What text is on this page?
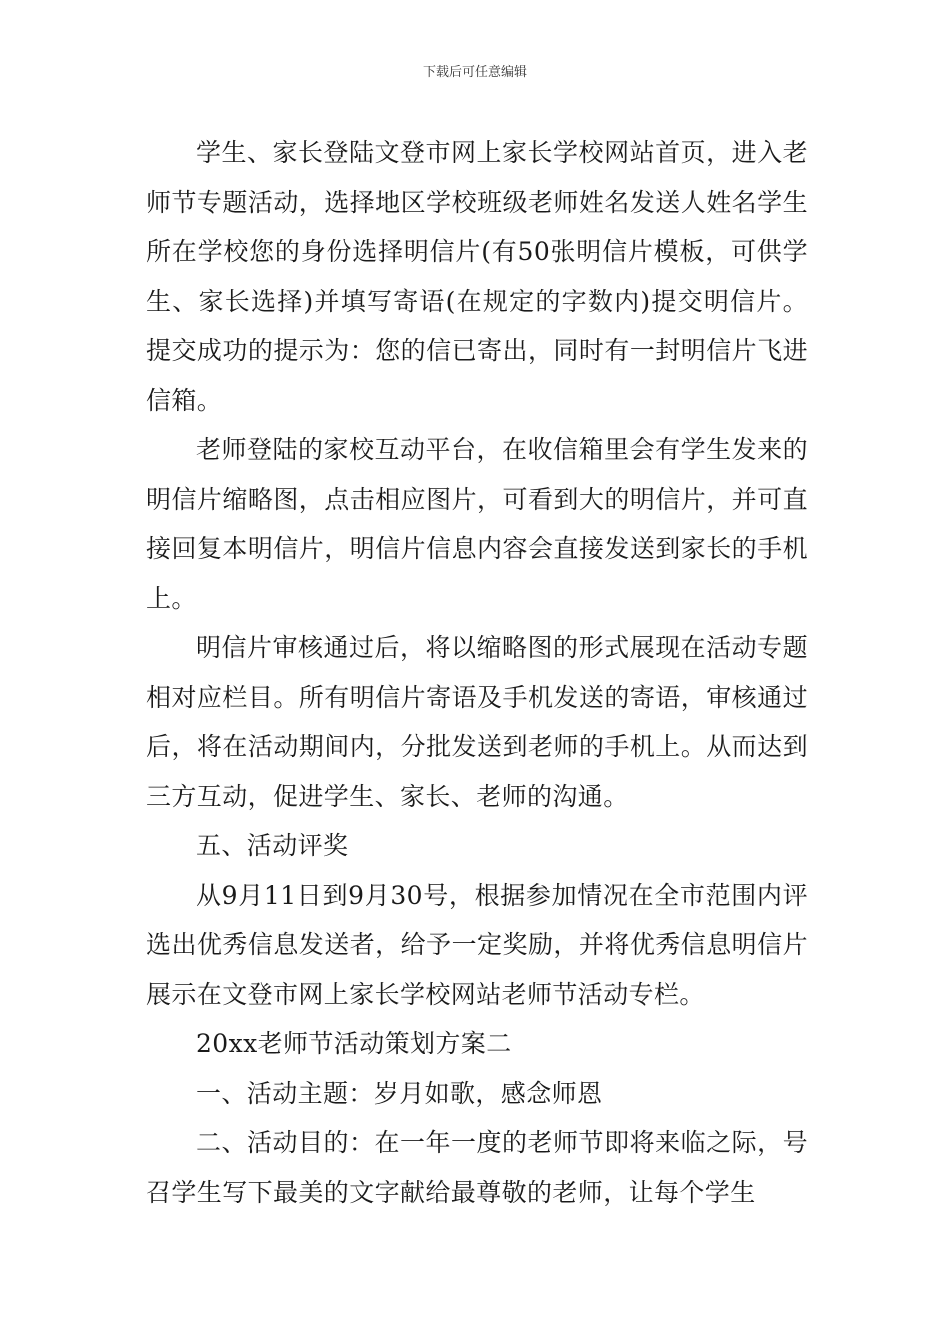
下载后可任意编辑

学生、家长登陆文登市网上家长学校网站首页，进入老师节专题活动，选择地区学校班级老师姓名发送人姓名学生所在学校您的身份选择明信片(有50张明信片模板，可供学生、家长选择)并填写寄语(在规定的字数内)提交明信片。提交成功的提示为：您的信已寄出，同时有一封明信片飞进信箱。

老师登陆的家校互动平台，在收信箱里会有学生发来的明信片缩略图，点击相应图片，可看到大的明信片，并可直接回复本明信片，明信片信息内容会直接发送到家长的手机上。

明信片审核通过后，将以缩略图的形式展现在活动专题相对应栏目。所有明信片寄语及手机发送的寄语，审核通过后，将在活动期间内，分批发送到老师的手机上。从而达到三方互动，促进学生、家长、老师的沟通。

五、活动评奖

从9月11日到9月30号，根据参加情况在全市范围内评选出优秀信息发送者，给予一定奖励，并将优秀信息明信片展示在文登市网上家长学校网站老师节活动专栏。

20xx老师节活动策划方案二

一、活动主题：岁月如歌，感念师恩

二、活动目的：在一年一度的老师节即将来临之际，号召学生写下最美的文字献给最尊敬的老师，让每个学生
